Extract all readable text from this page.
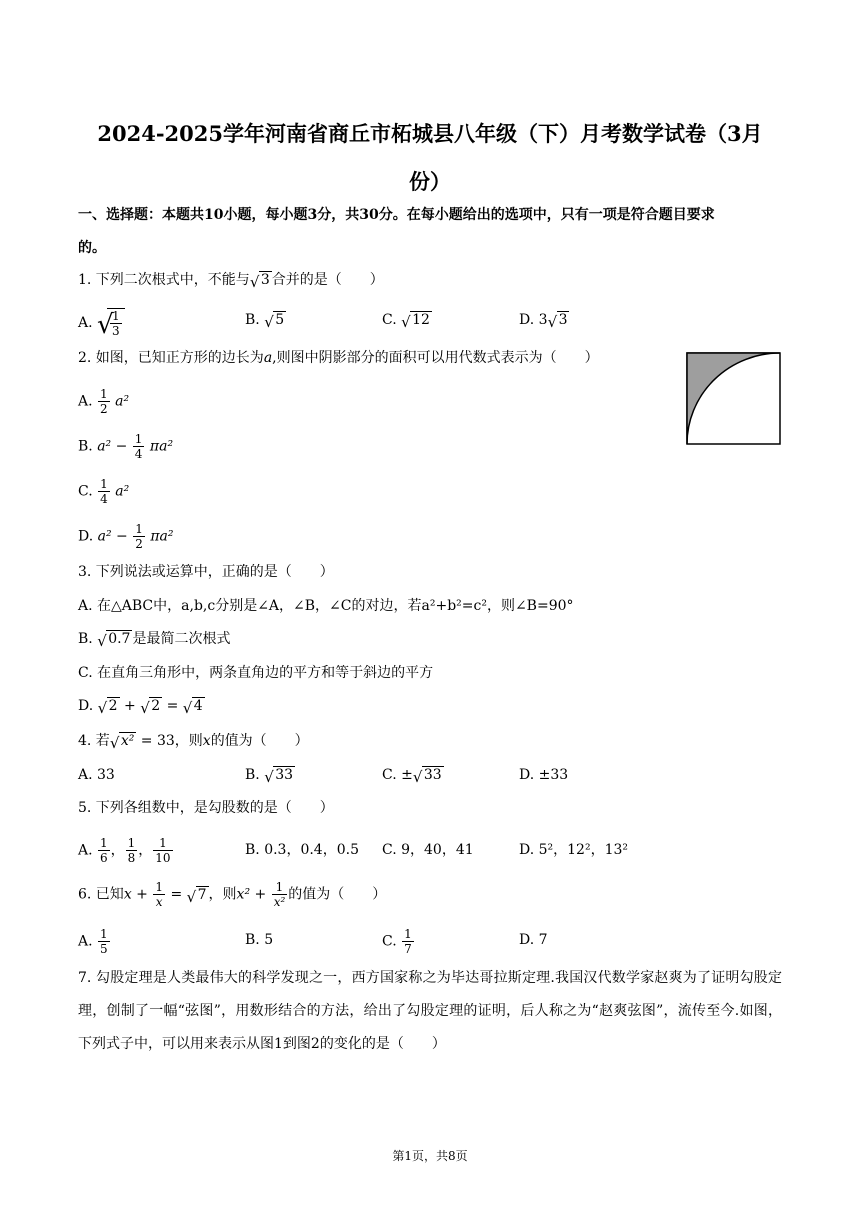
2024-2025学年河南省商丘市柘城县八年级（下）月考数学试卷（3月
份）
一、选择题：本题共10小题，每小题3分，共30分。在每小题给出的选项中，只有一项是符合题目要求
的。
1. 下列二次根式中，不能与 √ 3 合并的是（　　）
A. √
$\frac{1}{3}$	B. √ 5	C. √ 12	D. 3 √ 3
2. 如图，已知正方形的边长为a,则图中阴影部分的面积可以用代数式表示为（　　）
A. $\frac{1}{2} a^2$
B. $a^2 - \frac{1}{4} \pi a^2$
C. $\frac{1}{4} a^2$
D. $a^2 - \frac{1}{2} \pi a^2$
3. 下列说法或运算中，正确的是（　　）
A. 在△ABC中，a,b,c分别是∠A，∠B，∠C的对边，若a²+b²=c²，则∠B=90°
B. √ 0.7 是最简二次根式
C. 在直角三角形中，两条直角边的平方和等于斜边的平方
D. √ 2 + √ 2 = √ 4
4. 若 √ x² = 33，则x的值为（　　）
A. 33	B. √ 33	C. ± √ 33	D. ±33
5. 下列各组数中，是勾股数的是（　　）
A. $\frac{1}{6}$ ， $\frac{1}{8}$ ， $\frac{1}{10}$	B. 0.3，0.4，0.5 C. 9，40，41	D. 5²，12²，13²
6. 已知$x + \frac{1}{x}$ = √ 7 ，则$x^2 + \frac{1}{\text{x²}}$ 的值为（　　）
A. $\frac{1}{5}$	B. 5	C. $\frac{1}{7}$	D. 7
7. 勾股定理是人类最伟大的科学发现之一，西方国家称之为毕达哥拉斯定理.我国汉代数学家赵爽为了证明勾股定理，创制了一幅“弦图”，用数形结合的方法，给出了勾股定理的证明，后人称之为“赵爽弦图”，流传至今.如图，下列式子中，可以用来表示从图1到图2的变化的是（　　）
第1页，共8页
